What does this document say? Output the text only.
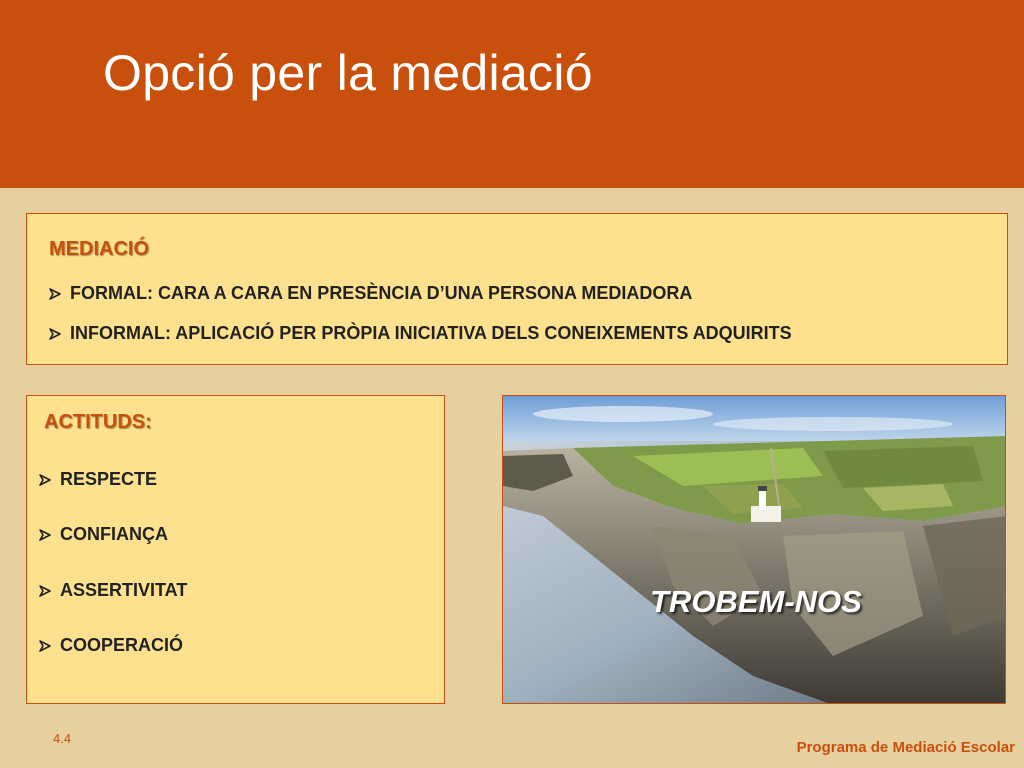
Opció per la mediació
MEDIACIÓ
FORMAL: CARA A CARA EN PRESÈNCIA D’UNA PERSONA MEDIADORA
INFORMAL: APLICACIÓ PER PRÒPIA INICIATIVA DELS CONEIXEMENTS ADQUIRITS
ACTITUDS:
RESPECTE
CONFIANÇA
ASSERTIVITAT
COOPERACIÓ
TROBEM-NOS
4.4
Programa de Mediació Escolar
